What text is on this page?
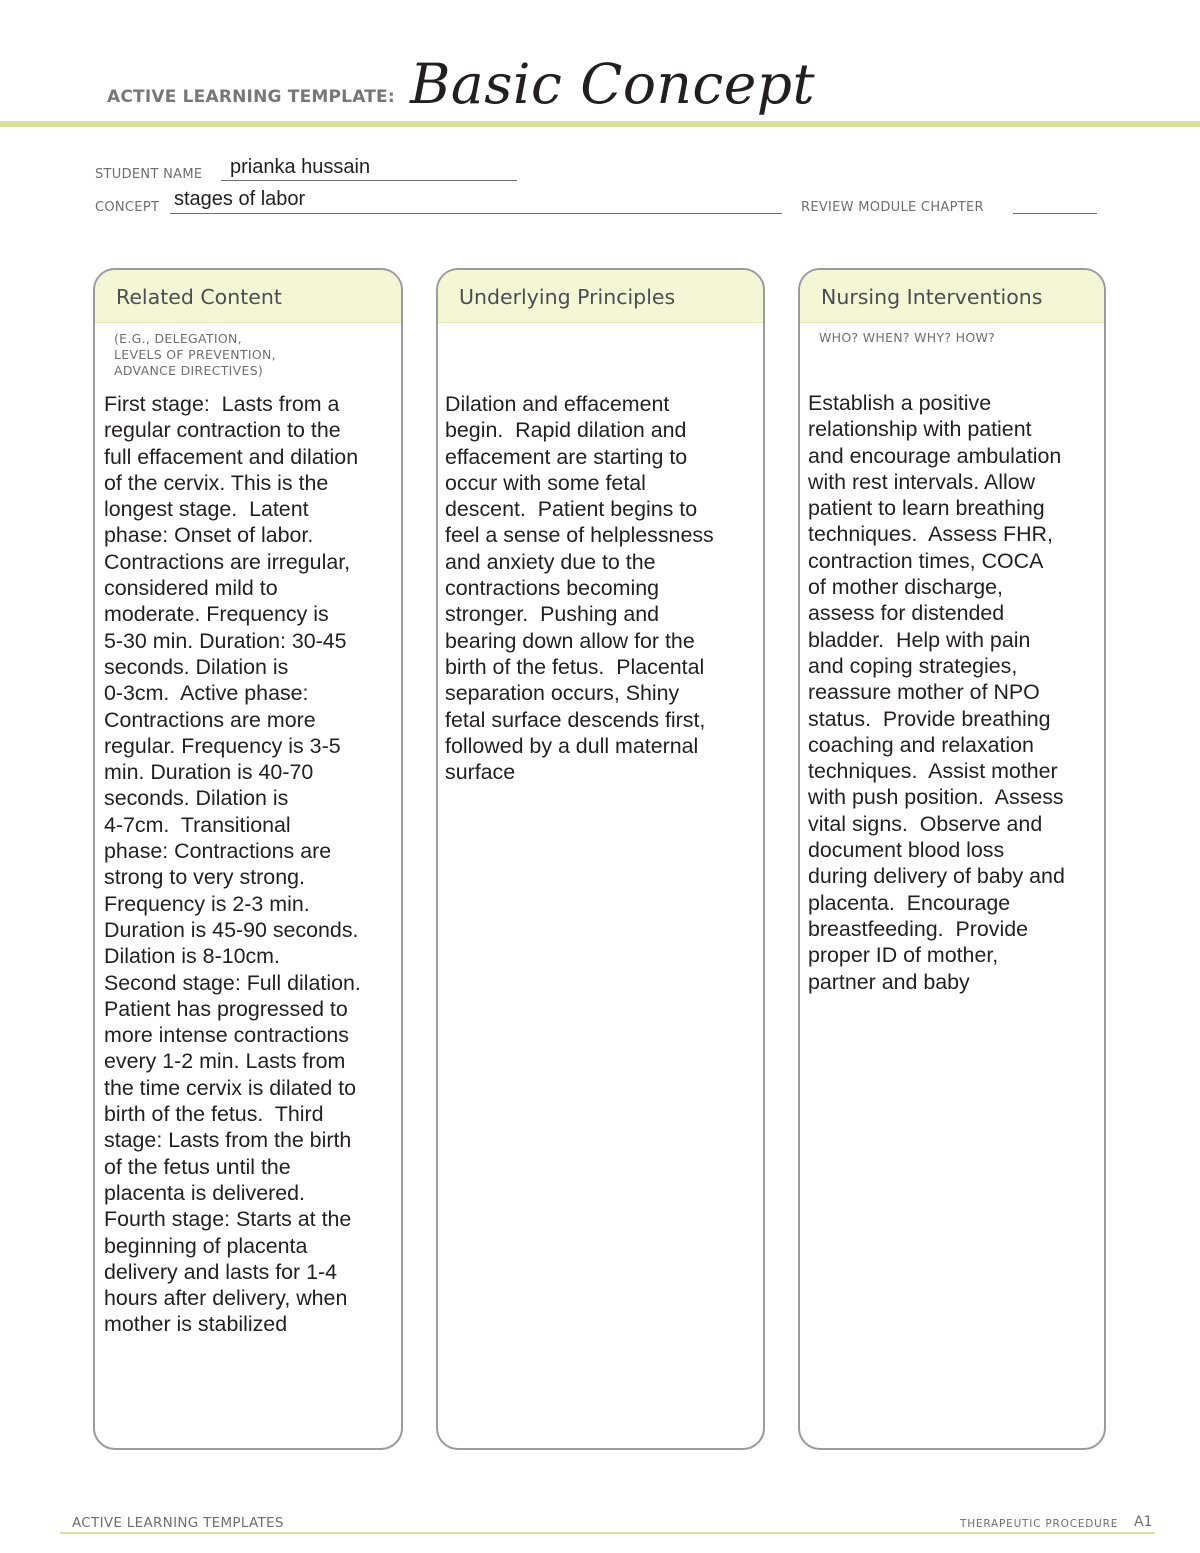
ACTIVE LEARNING TEMPLATE: Basic Concept
STUDENT NAME prianka hussain
CONCEPT stages of labor	REVIEW MODULE CHAPTER
Related Content
(E.G., DELEGATION,
LEVELS OF PREVENTION,
ADVANCE DIRECTIVES)
First stage:  Lasts from a
regular contraction to the
full effacement and dilation
of the cervix. This is the
longest stage.  Latent
phase: Onset of labor.
Contractions are irregular,
considered mild to
moderate. Frequency is
5-30 min. Duration: 30-45
seconds. Dilation is
0-3cm.  Active phase:
Contractions are more
regular. Frequency is 3-5
min. Duration is 40-70
seconds. Dilation is
4-7cm.  Transitional
phase: Contractions are
strong to very strong.
Frequency is 2-3 min.
Duration is 45-90 seconds.
Dilation is 8-10cm.
Second stage: Full dilation.
Patient has progressed to
more intense contractions
every 1-2 min. Lasts from
the time cervix is dilated to
birth of the fetus.  Third
stage: Lasts from the birth
of the fetus until the
placenta is delivered.
Fourth stage: Starts at the
beginning of placenta
delivery and lasts for 1-4
hours after delivery, when
mother is stabilized
Underlying Principles
Dilation and effacement
begin.  Rapid dilation and
effacement are starting to
occur with some fetal
descent.  Patient begins to
feel a sense of helplessness
and anxiety due to the
contractions becoming
stronger.  Pushing and
bearing down allow for the
birth of the fetus.  Placental
separation occurs, Shiny
fetal surface descends first,
followed by a dull maternal
surface
Nursing Interventions
WHO? WHEN? WHY? HOW?
Establish a positive
relationship with patient
and encourage ambulation
with rest intervals. Allow
patient to learn breathing
techniques.  Assess FHR,
contraction times, COCA
of mother discharge,
assess for distended
bladder.  Help with pain
and coping strategies,
reassure mother of NPO
status.  Provide breathing
coaching and relaxation
techniques.  Assist mother
with push position.  Assess
vital signs.  Observe and
document blood loss
during delivery of baby and
placenta.  Encourage
breastfeeding.  Provide
proper ID of mother,
partner and baby
ACTIVE LEARNING TEMPLATES	THERAPEUTIC PROCEDURE A1
